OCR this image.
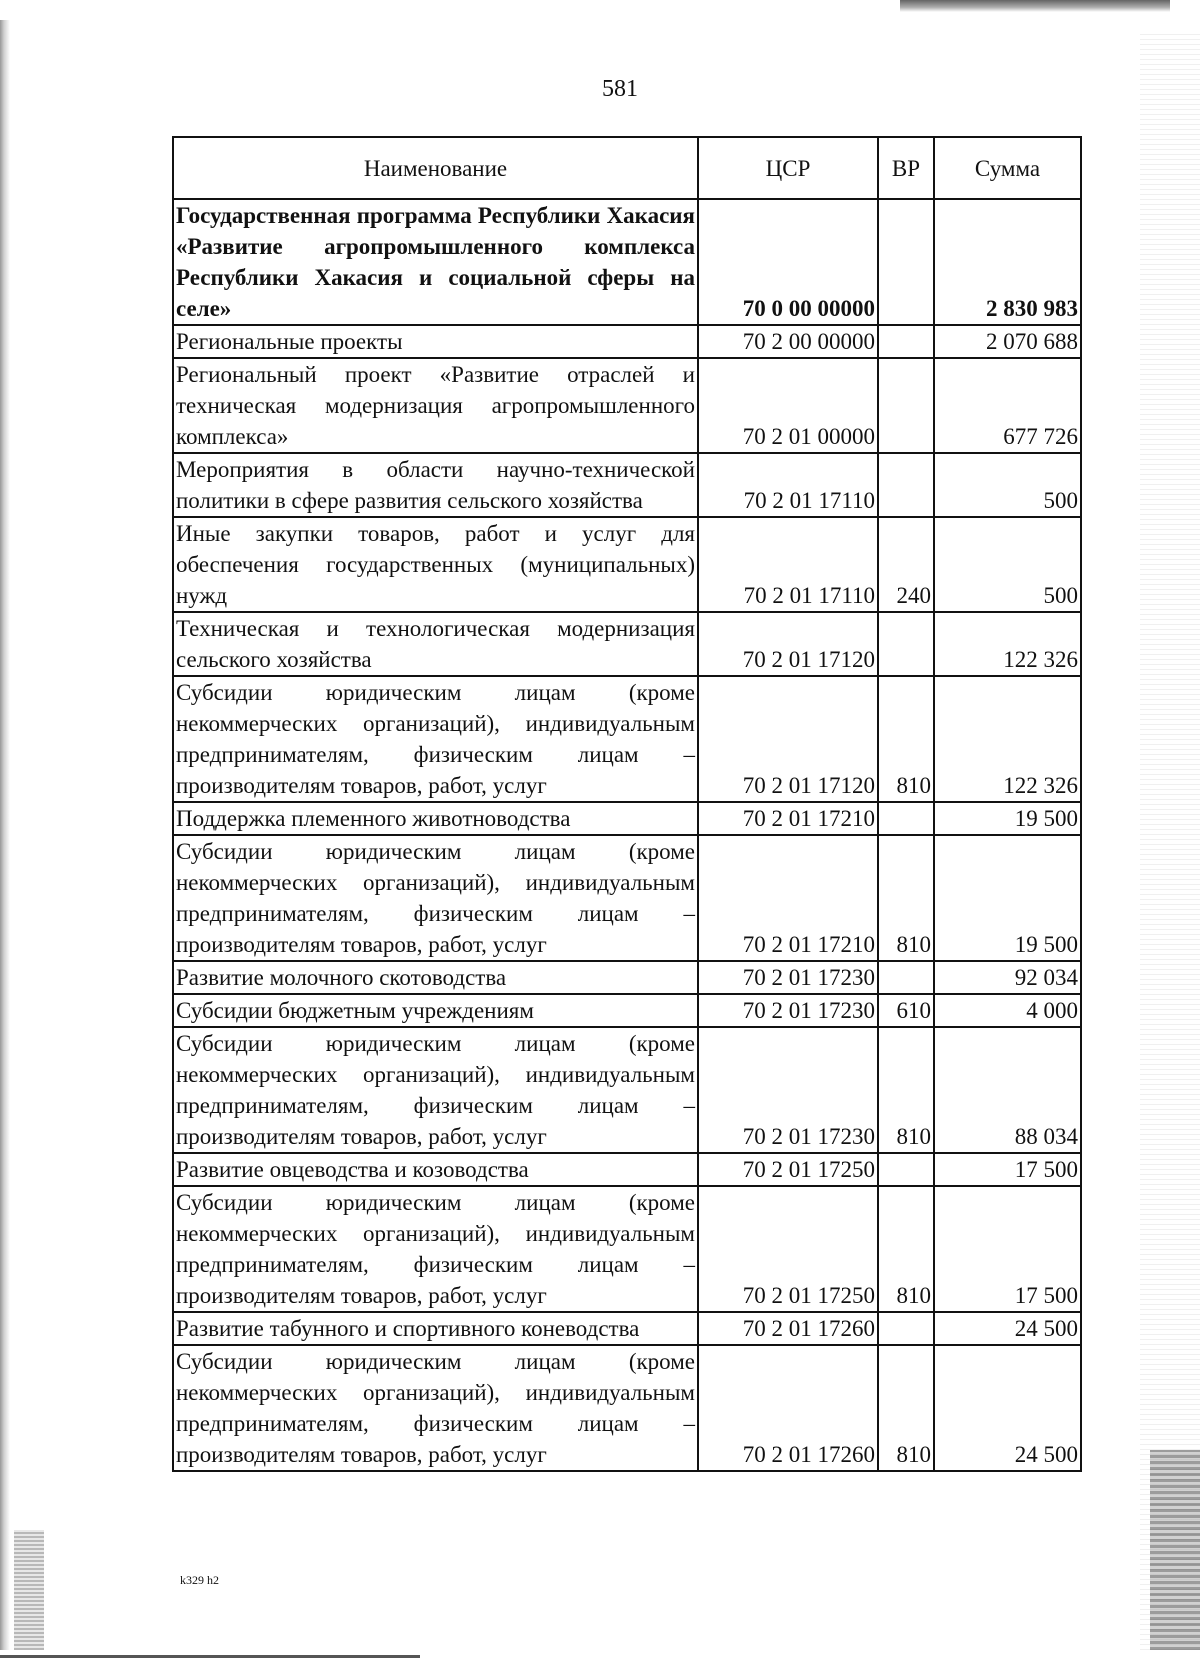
581
Наименование	ЦСР	ВР	Сумма
Государственная программа Республики Хакасия «Развитие агропромышленного комплекса Республики Хакасия и социальной сферы на селе»	70 0 00 00000		2 830 983
Региональные проекты	70 2 00 00000		2 070 688
Региональный проект «Развитие отраслей и техническая модернизация агропромышленного комплекса»	70 2 01 00000		677 726
Мероприятия в области научно-технической политики в сфере развития сельского хозяйства	70 2 01 17110		500
Иные закупки товаров, работ и услуг для обеспечения государственных (муниципальных) нужд	70 2 01 17110	240	500
Техническая и технологическая модернизация сельского хозяйства	70 2 01 17120		122 326
Субсидии юридическим лицам (кроме некоммерческих организаций), индивидуальным предпринимателям, физическим лицам – производителям товаров, работ, услуг	70 2 01 17120	810	122 326
Поддержка племенного животноводства	70 2 01 17210		19 500
Субсидии юридическим лицам (кроме некоммерческих организаций), индивидуальным предпринимателям, физическим лицам – производителям товаров, работ, услуг	70 2 01 17210	810	19 500
Развитие молочного скотоводства	70 2 01 17230		92 034
Субсидии бюджетным учреждениям	70 2 01 17230	610	4 000
Субсидии юридическим лицам (кроме некоммерческих организаций), индивидуальным предпринимателям, физическим лицам – производителям товаров, работ, услуг	70 2 01 17230	810	88 034
Развитие овцеводства и козоводства	70 2 01 17250		17 500
Субсидии юридическим лицам (кроме некоммерческих организаций), индивидуальным предпринимателям, физическим лицам – производителям товаров, работ, услуг	70 2 01 17250	810	17 500
Развитие табунного и спортивного коневодства	70 2 01 17260		24 500
Субсидии юридическим лицам (кроме некоммерческих организаций), индивидуальным предпринимателям, физическим лицам – производителям товаров, работ, услуг	70 2 01 17260	810	24 500
k329 h2
